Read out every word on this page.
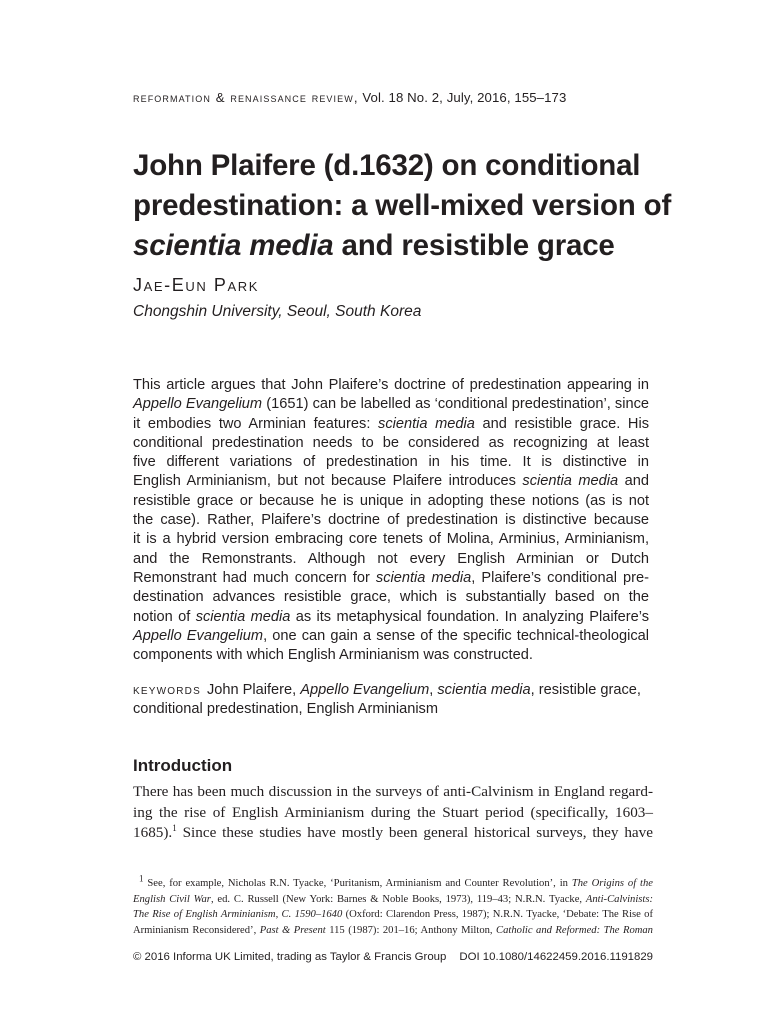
reformation & renaissance review, Vol. 18 No. 2, July, 2016, 155–173
John Plaifere (d.1632) on conditional
predestination: a well-mixed version of
scientia media and resistible grace
Jae-Eun Park
Chongshin University, Seoul, South Korea
This article argues that John Plaifere’s doctrine of predestination appearing in
Appello Evangelium (1651) can be labelled as ‘conditional predestination’, since
it embodies two Arminian features: scientia media and resistible grace. His
conditional predestination needs to be considered as recognizing at least
five different variations of predestination in his time. It is distinctive in
English Arminianism, but not because Plaifere introduces scientia media and
resistible grace or because he is unique in adopting these notions (as is not
the case). Rather, Plaifere’s doctrine of predestination is distinctive because
it is a hybrid version embracing core tenets of Molina, Arminius, Arminianism,
and the Remonstrants. Although not every English Arminian or Dutch
Remonstrant had much concern for scientia media, Plaifere’s conditional pre-
destination advances resistible grace, which is substantially based on the
notion of scientia media as its metaphysical foundation. In analyzing Plaifere’s
Appello Evangelium, one can gain a sense of the specific technical-theological
components with which English Arminianism was constructed.
keywords John Plaifere, Appello Evangelium, scientia media, resistible grace,
conditional predestination, English Arminianism
Introduction
There has been much discussion in the surveys of anti-Calvinism in England regard-
ing the rise of English Arminianism during the Stuart period (specifically, 1603–
1685).$^1$ Since these studies have mostly been general historical surveys, they have
$^1$ See, for example, Nicholas R.N. Tyacke, ‘Puritanism, Arminianism and Counter Revolution’, in The Origins of the
English Civil War, ed. C. Russell (New York: Barnes & Noble Books, 1973), 119–43; N.R.N. Tyacke, Anti-Calvinists:
The Rise of English Arminianism, C. 1590–1640 (Oxford: Clarendon Press, 1987); N.R.N. Tyacke, ‘Debate: The Rise of
Arminianism Reconsidered’, Past & Present 115 (1987): 201–16; Anthony Milton, Catholic and Reformed: The Roman
© 2016 Informa UK Limited, trading as Taylor & Francis Group DOI 10.1080/14622459.2016.1191829
